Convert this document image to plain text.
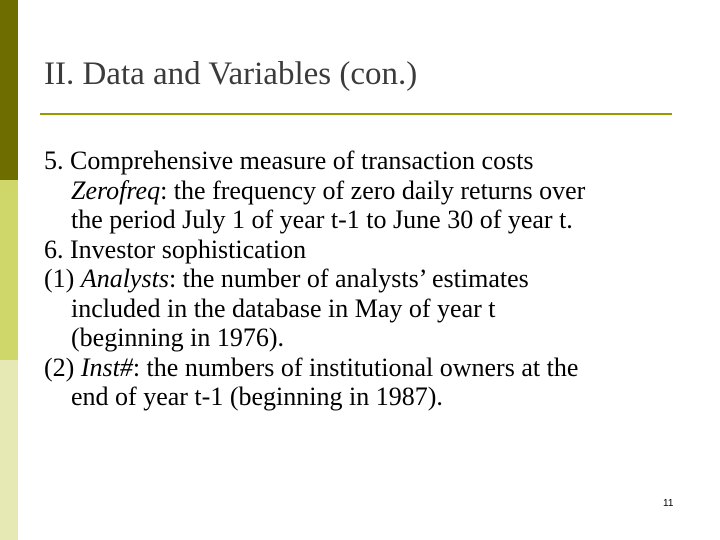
II. Data and Variables (con.)
5. Comprehensive measure of transaction costs
Zerofreq: the frequency of zero daily returns over
the period July 1 of year t-1 to June 30 of year t.
6. Investor sophistication
(1) Analysts: the number of analysts’ estimates
included in the database in May of year t
(beginning in 1976).
(2) Inst#: the numbers of institutional owners at the
end of year t-1 (beginning in 1987).
11
